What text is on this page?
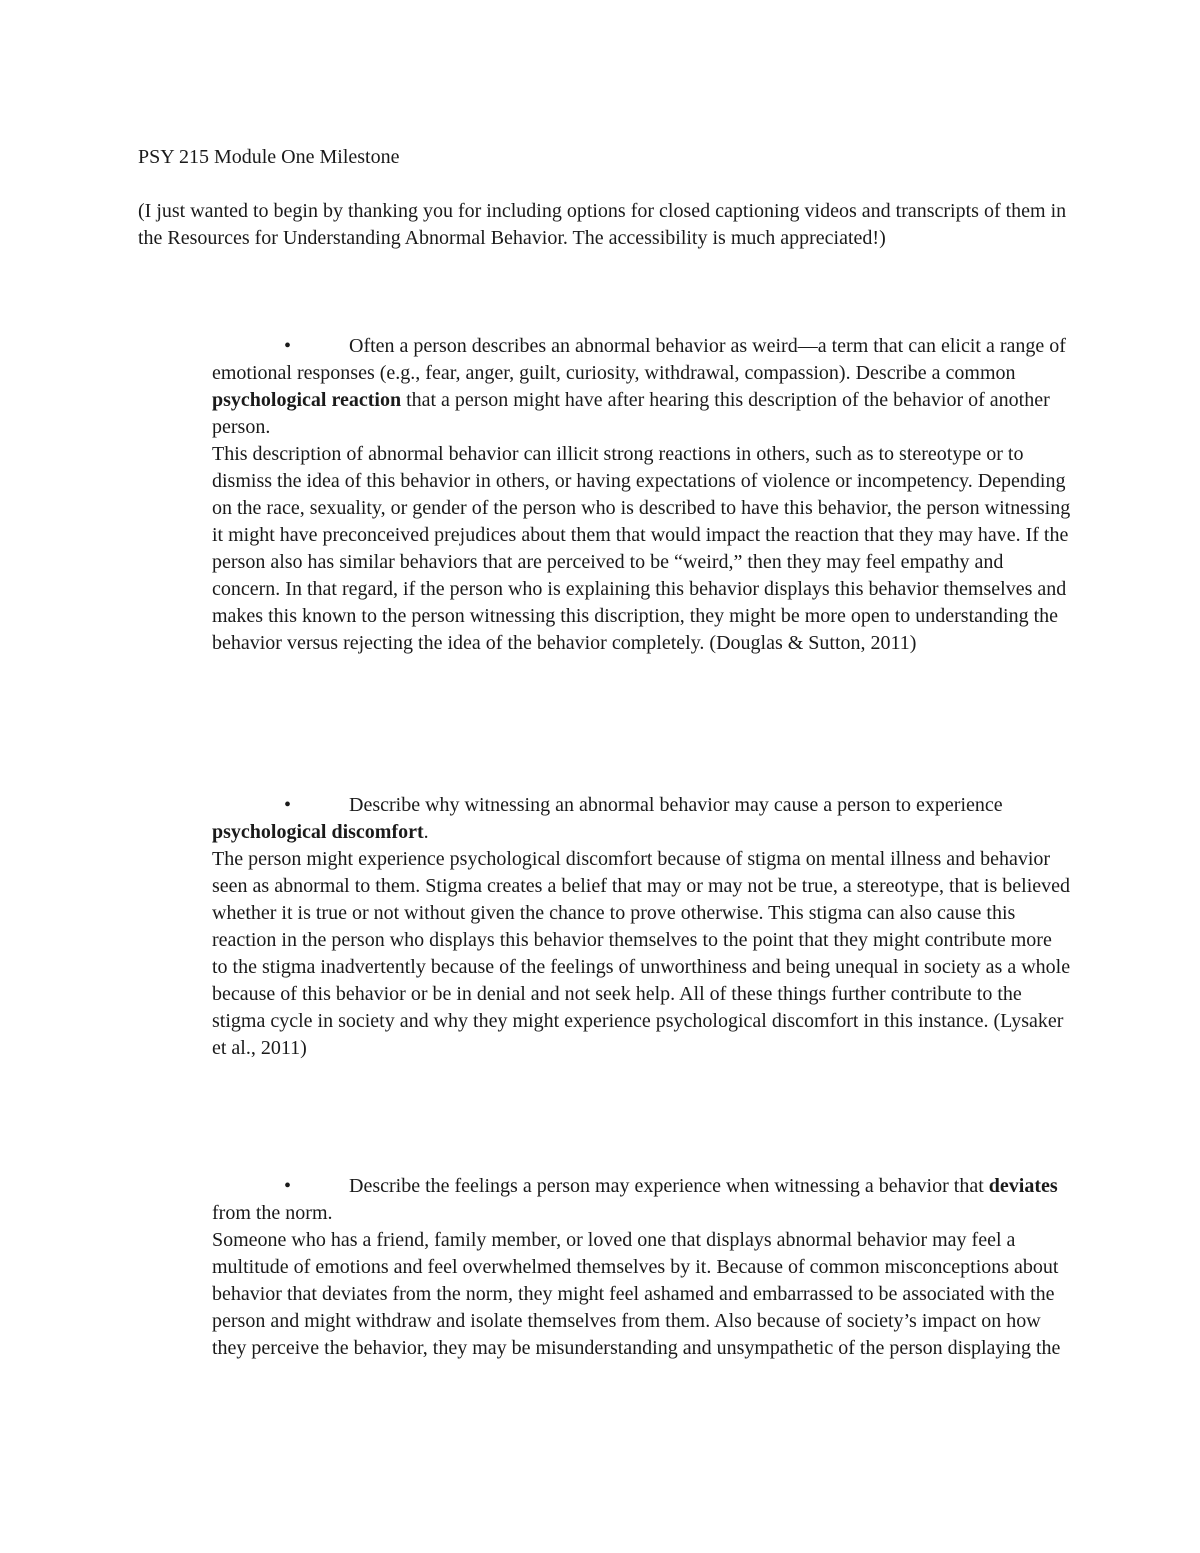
PSY 215 Module One Milestone

(I just wanted to begin by thanking you for including options for closed captioning videos and transcripts of them in the Resources for Understanding Abnormal Behavior. The accessibility is much appreciated!)

•	Often a person describes an abnormal behavior as weird—a term that can elicit a range of emotional responses (e.g., fear, anger, guilt, curiosity, withdrawal, compassion). Describe a common psychological reaction that a person might have after hearing this description of the behavior of another person.

This description of abnormal behavior can illicit strong reactions in others, such as to stereotype or to dismiss the idea of this behavior in others, or having expectations of violence or incompetency. Depending on the race, sexuality, or gender of the person who is described to have this behavior, the person witnessing it might have preconceived prejudices about them that would impact the reaction that they may have. If the person also has similar behaviors that are perceived to be “weird,” then they may feel empathy and concern. In that regard, if the person who is explaining this behavior displays this behavior themselves and makes this known to the person witnessing this discription, they might be more open to understanding the behavior versus rejecting the idea of the behavior completely. (Douglas & Sutton, 2011)

•	Describe why witnessing an abnormal behavior may cause a person to experience psychological discomfort.

The person might experience psychological discomfort because of stigma on mental illness and behavior seen as abnormal to them. Stigma creates a belief that may or may not be true, a stereotype, that is believed whether it is true or not without given the chance to prove otherwise. This stigma can also cause this reaction in the person who displays this behavior themselves to the point that they might contribute more to the stigma inadvertently because of the feelings of unworthiness and being unequal in society as a whole because of this behavior or be in denial and not seek help. All of these things further contribute to the stigma cycle in society and why they might experience psychological discomfort in this instance. (Lysaker et al., 2011)

•	Describe the feelings a person may experience when witnessing a behavior that deviates from the norm.

Someone who has a friend, family member, or loved one that displays abnormal behavior may feel a multitude of emotions and feel overwhelmed themselves by it. Because of common misconceptions about behavior that deviates from the norm, they might feel ashamed and embarrassed to be associated with the person and might withdraw and isolate themselves from them. Also because of society’s impact on how they perceive the behavior, they may be misunderstanding and unsympathetic of the person displaying the
